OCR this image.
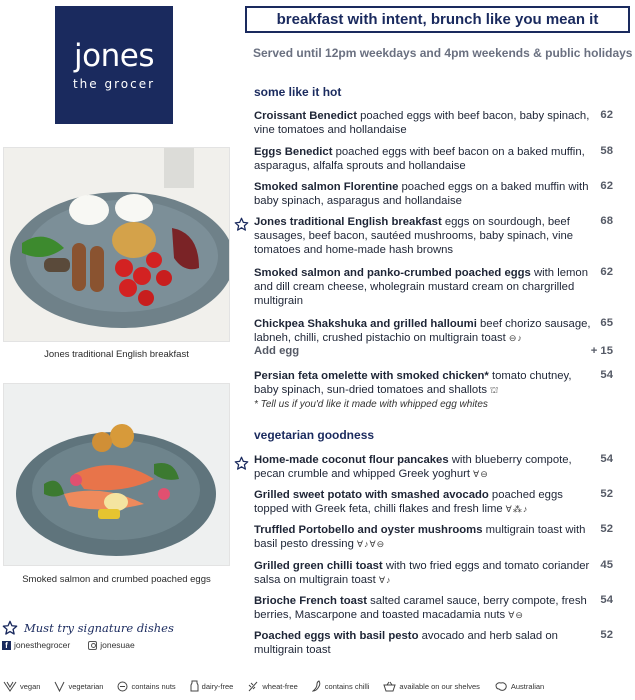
jones
the grocer
Jones traditional English breakfast
Smoked salmon and crumbed poached eggs
Must try signature dishes
f jonesthegrocer	jonesuae
breakfast with intent, brunch like you mean it
Served until 12pm weekdays and 4pm weekends & public holidays
some like it hot
Croissant Benedict poached eggs with beef bacon, baby spinach, vine tomatoes and hollandaise
62
Eggs Benedict poached eggs with beef bacon on a baked muffin, asparagus, alfalfa sprouts and hollandaise
58
Smoked salmon Florentine poached eggs on a baked muffin with baby spinach, asparagus and hollandaise
62
Jones traditional English breakfast eggs on sourdough, beef sausages, beef bacon, sautéed mushrooms, baby spinach, vine tomatoes and home-made hash browns
68
Smoked salmon and panko-crumbed poached eggs with lemon and dill cream cheese, wholegrain mustard cream on chargrilled multigrain
62
Chickpea Shakshuka and grilled halloumi beef chorizo sausage, labneh, chilli, crushed pistachio on multigrain toast ⊖♪
65
Add egg	+ 15
Persian feta omelette with smoked chicken* tomato chutney, baby spinach, sun-dried tomatoes and shallots ⛫
54
* Tell us if you'd like it made with whipped egg whites
vegetarian goodness
Home-made coconut flour pancakes with blueberry compote, pecan crumble and whipped Greek yoghurt ∀⊖
54
Grilled sweet potato with smashed avocado poached eggs topped with Greek feta, chilli flakes and fresh lime ∀⁂♪
52
Truffled Portobello and oyster mushrooms multigrain toast with basil pesto dressing ∀♪∀⊖
52
Grilled green chilli toast with two fried eggs and tomato coriander salsa on multigrain toast ∀♪
45
Brioche French toast salted caramel sauce, berry compote, fresh berries, Mascarpone and toasted macadamia nuts ∀⊖
54
Poached eggs with basil pesto avocado and herb salad on multigrain toast
52
vegan	vegetarian	contains nuts	dairy-free	wheat-free	contains chilli	available on our shelves	Australian
